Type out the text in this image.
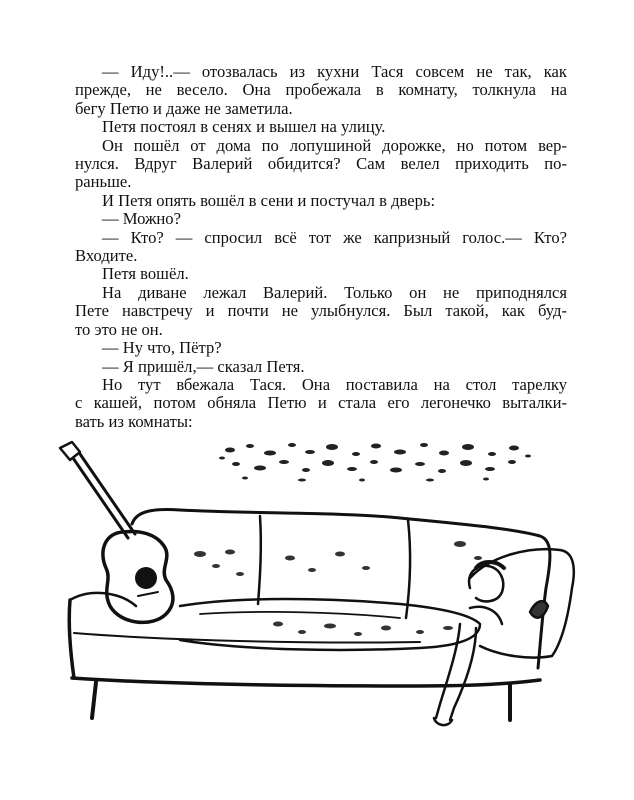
— Иду!..— отозвалась из кухни Тася совсем не так, как
прежде, не весело. Она пробежала в комнату, толкнула на
бегу Петю и даже не заметила.

Петя постоял в сенях и вышел на улицу.

Он пошёл от дома по лопушиной дорожке, но потом вер-
нулся. Вдруг Валерий обидится? Сам велел приходить по-
раньше.

И Петя опять вошёл в сени и постучал в дверь:

— Можно?

— Кто? — спросил всё тот же капризный голос.— Кто?
Входите.

Петя вошёл.

На диване лежал Валерий. Только он не приподнялся
Пете навстречу и почти не улыбнулся. Был такой, как буд-
то это не он.

— Ну что, Пётр?

— Я пришёл,— сказал Петя.

Но тут вбежала Тася. Она поставила на стол тарелку
с кашей, потом обняла Петю и стала его легонечко выталки-
вать из комнаты:
